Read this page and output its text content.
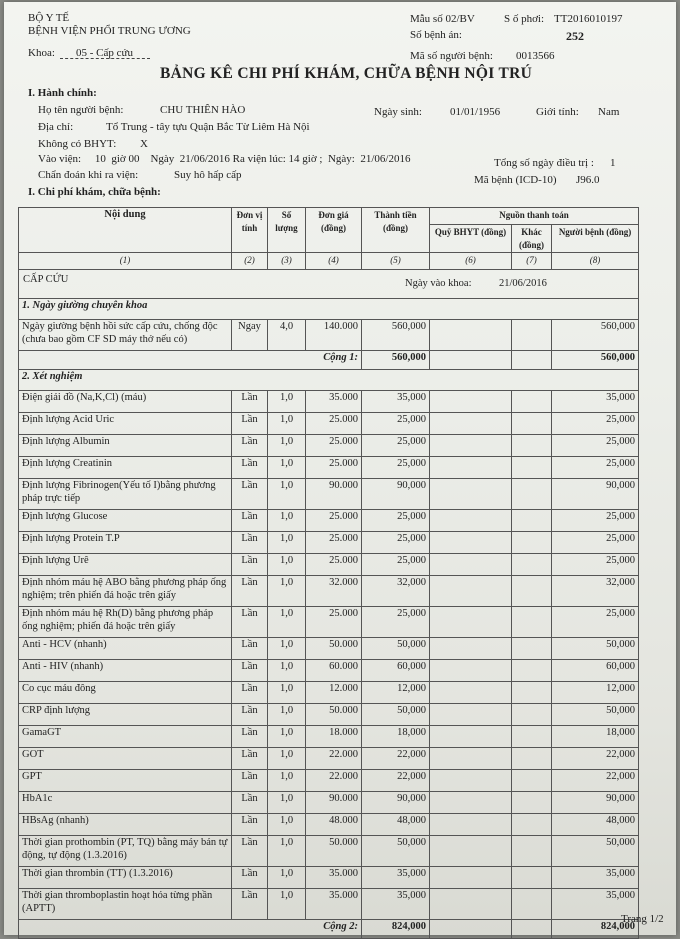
BỘ Y TẾ
BỆNH VIỆN PHỔI TRUNG ƯƠNG
Khoa: 05 - Cấp cứu
Mẫu số 02/BV	S ố phơi: TT2016010197
Số bệnh án:	252
Mã số người bệnh: 0013566
BẢNG KÊ CHI PHÍ KHÁM, CHỮA BỆNH NỘI TRÚ
I. Hành chính:
Họ tên người bệnh:	CHU THIÊN HÀO	Ngày sinh:	01/01/1956	Giới tính: Nam
Địa chỉ:	Tổ Trung - tây tựu Quận Bắc Từ Liêm Hà Nội
Không có BHYT: X
Vào viện:     10  giờ 00    Ngày  21/06/2016 Ra viện lúc: 14 giờ ;  Ngày:  21/06/2016	Tổng số ngày điều trị : 1
Chẩn đoán khi ra viện:	Suy hô hấp cấp	Mã bệnh (ICD-10) J96.0
I. Chi phí khám, chữa bệnh:
Nội dung	Đơn vị tính	Số lượng	Đơn giá (đồng)	Thành tiền (đồng)	Nguồn thanh toán		
					Quỹ BHYT (đồng)	Khác (đồng)	Người bệnh (đồng)
(1)	(2)	(3)	(4)	(5)	(6)	(7)	(8)

CẤP CỨU Ngày vào khoa: 21/06/2016							

1. Ngày giường chuyên khoa							
Ngày giường bệnh hồi sức cấp cứu, chống độc (chưa bao gồm CF SD máy thở nếu có)	Ngay	4,0	140.000	560,000			560,000
Cộng 1:				560,000			560,000
2. Xét nghiệm							
Điện giải đồ (Na,K,Cl) (máu)	Lần	1,0	35.000	35,000			35,000
Định lượng Acid Uric	Lần	1,0	25.000	25,000			25,000
Định lượng Albumin	Lần	1,0	25.000	25,000			25,000
Định lượng Creatinin	Lần	1,0	25.000	25,000			25,000
Định lượng Fibrinogen(Yếu tố I)bằng phương pháp trực tiếp	Lần	1,0	90.000	90,000			90,000
Định lượng Glucose	Lần	1,0	25.000	25,000			25,000
Định lượng Protein T.P	Lần	1,0	25.000	25,000			25,000
Định lượng Urê	Lần	1,0	25.000	25,000			25,000
Định nhóm máu hệ ABO bằng phương pháp ống nghiệm; trên phiến đá hoặc trên giấy	Lần	1,0	32.000	32,000			32,000
Định nhóm máu hệ Rh(D) bằng phương pháp ống nghiệm; phiến đá hoặc trên giấy	Lần	1,0	25.000	25,000			25,000
Anti - HCV (nhanh)	Lần	1,0	50.000	50,000			50,000
Anti - HIV (nhanh)	Lần	1,0	60.000	60,000			60,000
Co cục máu đông	Lần	1,0	12.000	12,000			12,000
CRP định lượng	Lần	1,0	50.000	50,000			50,000
GamaGT	Lần	1,0	18.000	18,000			18,000
GOT	Lần	1,0	22.000	22,000			22,000
GPT	Lần	1,0	22.000	22,000			22,000
HbA1c	Lần	1,0	90.000	90,000			90,000
HBsAg (nhanh)	Lần	1,0	48.000	48,000			48,000
Thời gian prothombin (PT, TQ) bằng máy bán tự động, tự động (1.3.2016)	Lần	1,0	50.000	50,000			50,000
Thời gian thrombin (TT) (1.3.2016)	Lần	1,0	35.000	35,000			35,000
Thời gian thromboplastin hoạt hóa từng phần (APTT)	Lần	1,0	35.000	35,000			35,000
Cộng 2:				824,000			824,000
Trang 1/2
